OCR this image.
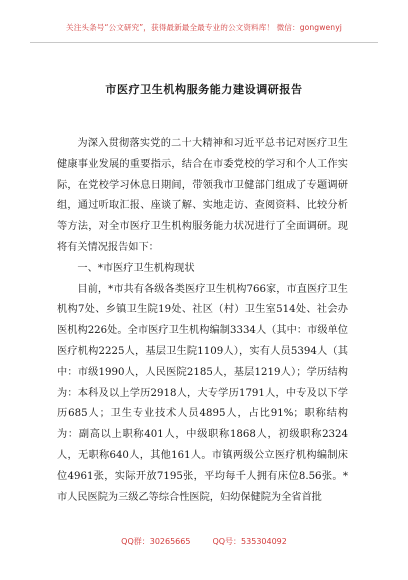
关注头条号“公文研究”，获得最新最全最专业的公文资料库！ 微信：gongwenyj
市医疗卫生机构服务能力建设调研报告

为深入贯彻落实党的二十大精神和习近平总书记对医疗卫生健康事业发展的重要指示，结合在市委党校的学习和个人工作实际，在党校学习休息日期间，带领我市卫健部门组成了专题调研组，通过听取汇报、座谈了解、实地走访、查阅资料、比较分析等方法，对全市医疗卫生机构服务能力状况进行了全面调研。现将有关情况报告如下：

一、*市医疗卫生机构现状

目前，*市共有各级各类医疗卫生机构766家，市直医疗卫生机构7处、乡镇卫生院19处、社区（村）卫生室514处、社会办医机构226处。全市医疗卫生机构编制3334人（其中：市级单位医疗机构2225人，基层卫生院1109人），实有人员5394人（其中：市级1990人，人民医院2185人，基层1219人）；学历结构为：本科及以上学历2918人，大专学历1791人，中专及以下学历685人；卫生专业技术人员4895人，占比91%；职称结构为：副高以上职称401人，中级职称1868人，初级职称2324人，无职称640人，其他161人。市镇两级公立医疗机构编制床位4961张，实际开放7195张，平均每千人拥有床位8.56张。*市人民医院为三级乙等综合性医院，妇幼保健院为全省首批

QQ群：30265665	QQ号：535304092
